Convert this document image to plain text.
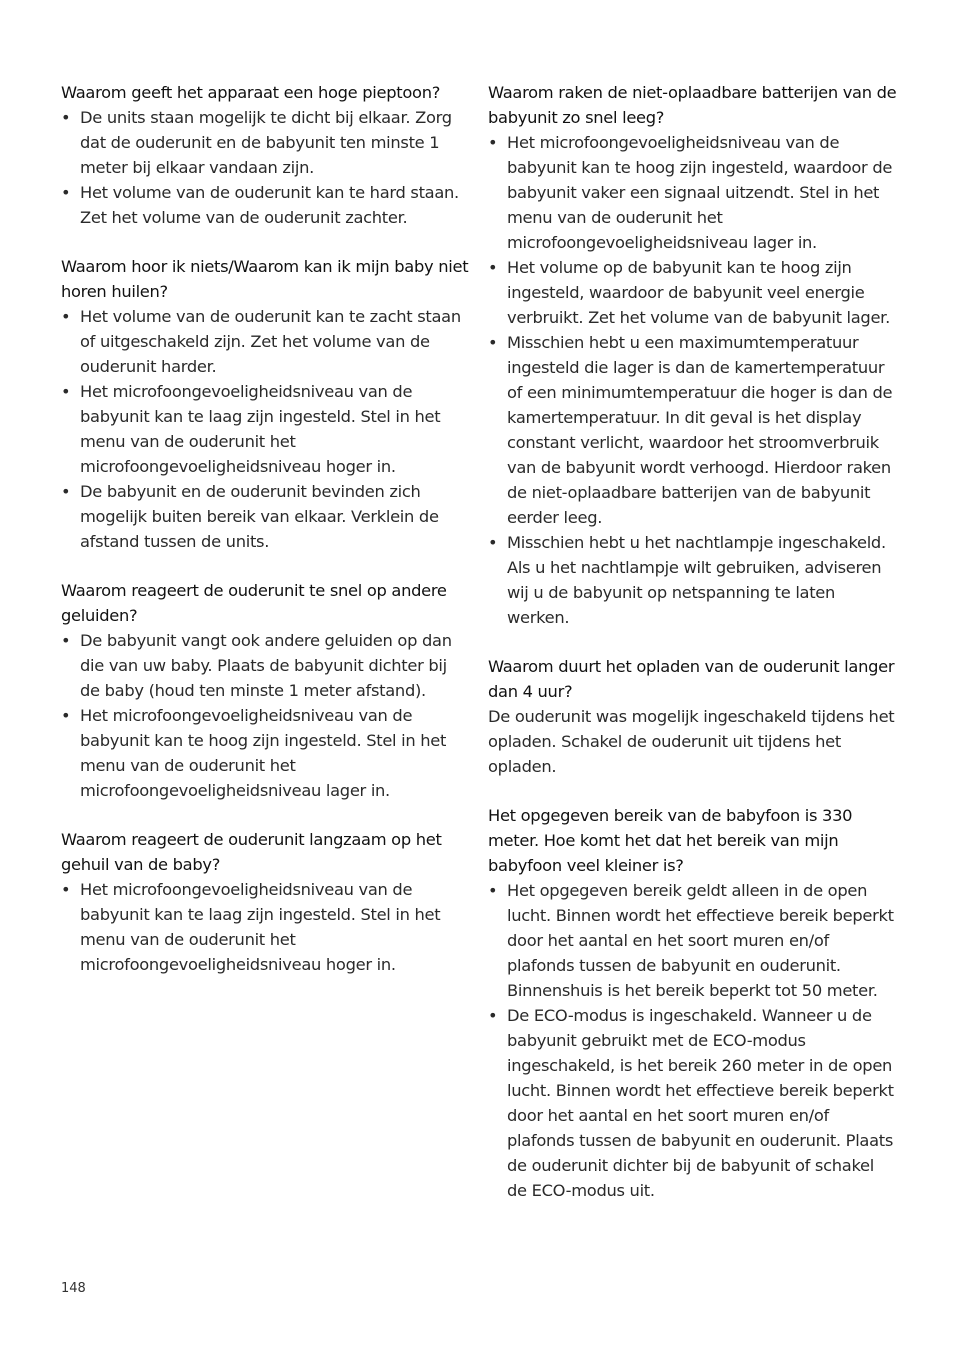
Waarom geeft het apparaat een hoge pieptoon?

• De units staan mogelijk te dicht bij elkaar. Zorg dat de ouderunit en de babyunit ten minste 1 meter bij elkaar vandaan zijn.
• Het volume van de ouderunit kan te hard staan. Zet het volume van de ouderunit zachter.

Waarom hoor ik niets/Waarom kan ik mijn baby niet horen huilen?

• Het volume van de ouderunit kan te zacht staan of uitgeschakeld zijn. Zet het volume van de ouderunit harder.
• Het microfoongevoeligheidsniveau van de babyunit kan te laag zijn ingesteld. Stel in het menu van de ouderunit het microfoongevoeligheidsniveau hoger in.
• De babyunit en de ouderunit bevinden zich mogelijk buiten bereik van elkaar. Verklein de afstand tussen de units.

Waarom reageert de ouderunit te snel op andere geluiden?

• De babyunit vangt ook andere geluiden op dan die van uw baby. Plaats de babyunit dichter bij de baby (houd ten minste 1 meter afstand).
• Het microfoongevoeligheidsniveau van de babyunit kan te hoog zijn ingesteld. Stel in het menu van de ouderunit het microfoongevoeligheidsniveau lager in.

Waarom reageert de ouderunit langzaam op het gehuil van de baby?

• Het microfoongevoeligheidsniveau van de babyunit kan te laag zijn ingesteld. Stel in het menu van de ouderunit het microfoongevoeligheidsniveau hoger in.

Waarom raken de niet-oplaadbare batterijen van de babyunit zo snel leeg?

• Het microfoongevoeligheidsniveau van de babyunit kan te hoog zijn ingesteld, waardoor de babyunit vaker een signaal uitzendt. Stel in het menu van de ouderunit het microfoongevoeligheidsniveau lager in.
• Het volume op de babyunit kan te hoog zijn ingesteld, waardoor de babyunit veel energie verbruikt. Zet het volume van de babyunit lager.
• Misschien hebt u een maximumtemperatuur ingesteld die lager is dan de kamertemperatuur of een minimumtemperatuur die hoger is dan de kamertemperatuur. In dit geval is het display constant verlicht, waardoor het stroomverbruik van de babyunit wordt verhoogd. Hierdoor raken de niet-oplaadbare batterijen van de babyunit eerder leeg.
• Misschien hebt u het nachtlampje ingeschakeld. Als u het nachtlampje wilt gebruiken, adviseren wij u de babyunit op netspanning te laten werken.

Waarom duurt het opladen van de ouderunit langer dan 4 uur?

De ouderunit was mogelijk ingeschakeld tijdens het opladen. Schakel de ouderunit uit tijdens het opladen.

Het opgegeven bereik van de babyfoon is 330 meter. Hoe komt het dat het bereik van mijn babyfoon veel kleiner is?

• Het opgegeven bereik geldt alleen in de open lucht. Binnen wordt het effectieve bereik beperkt door het aantal en het soort muren en/of plafonds tussen de babyunit en ouderunit. Binnenshuis is het bereik beperkt tot 50 meter.
• De ECO-modus is ingeschakeld. Wanneer u de babyunit gebruikt met de ECO-modus ingeschakeld, is het bereik 260 meter in de open lucht. Binnen wordt het effectieve bereik beperkt door het aantal en het soort muren en/of plafonds tussen de babyunit en ouderunit. Plaats de ouderunit dichter bij de babyunit of schakel de ECO-modus uit.
148
